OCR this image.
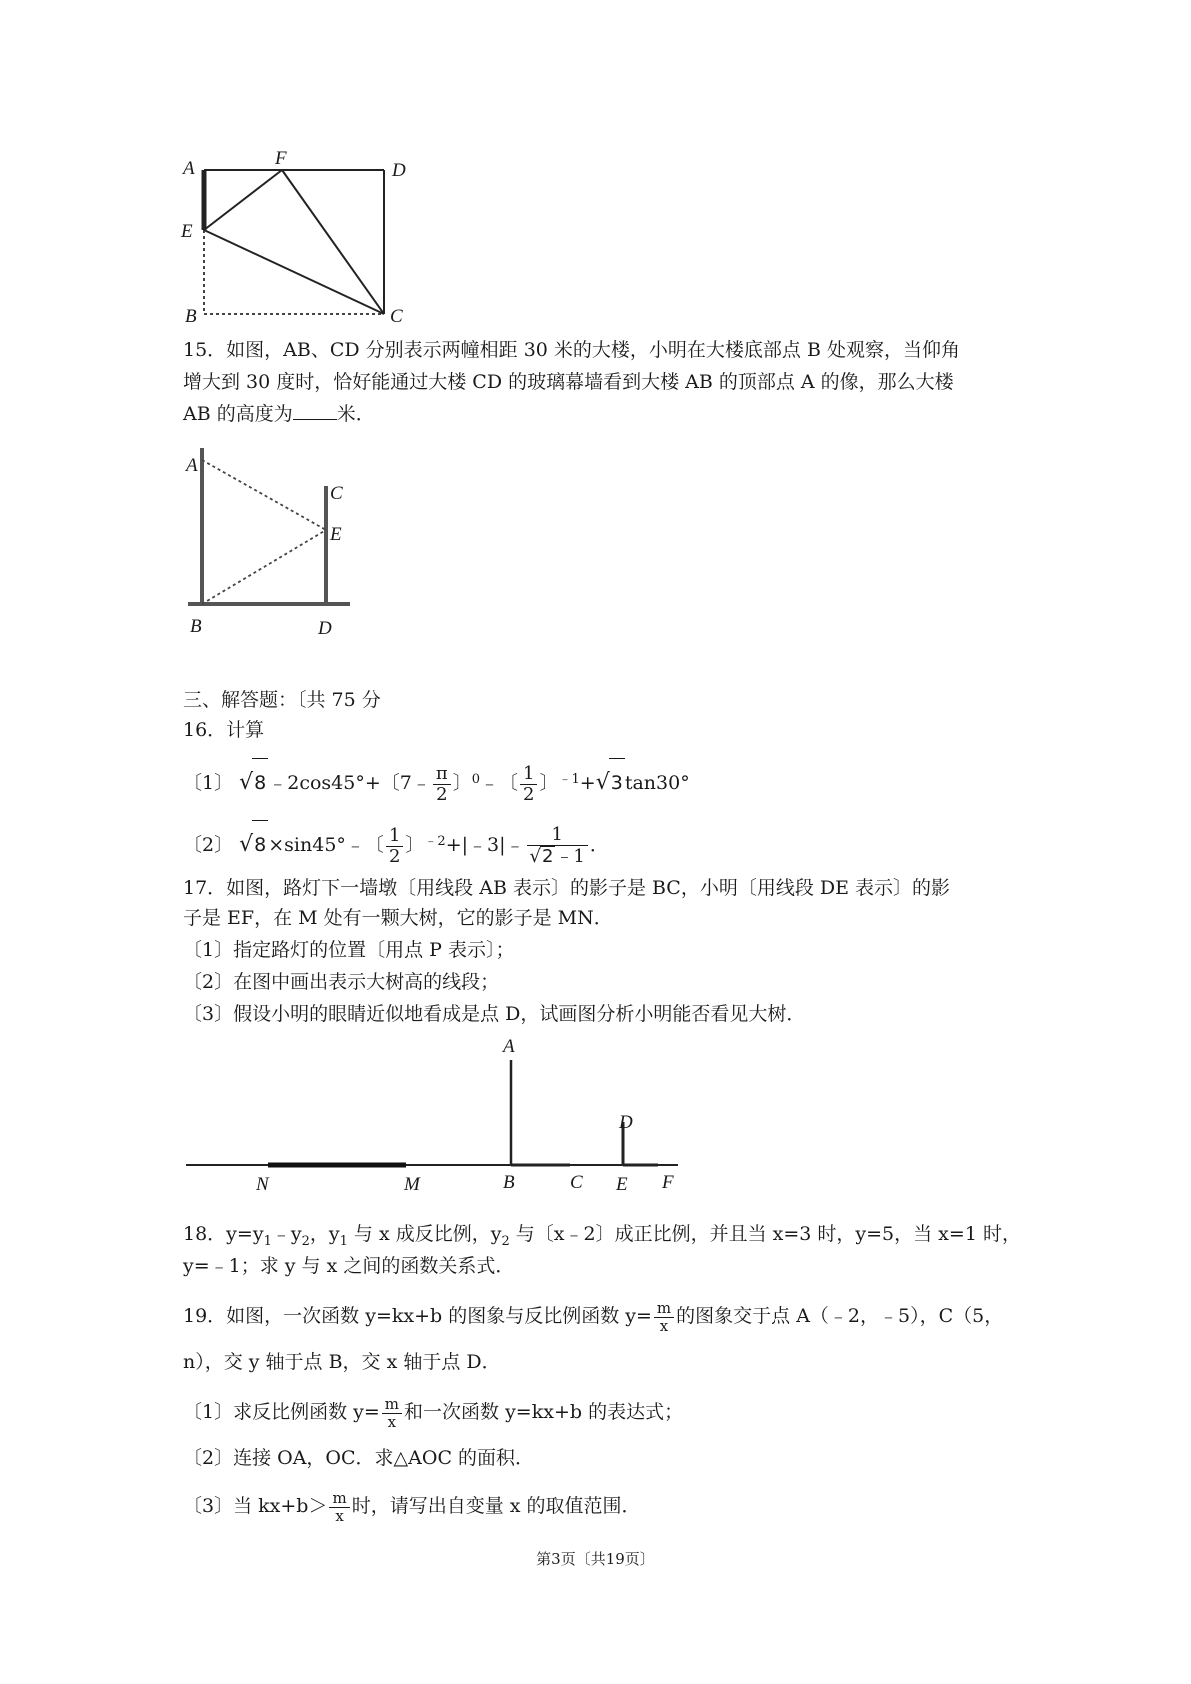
A	F
D
E
B	C
15．如图，AB、CD 分别表示两幢相距 30 米的大楼，小明在大楼底部点 B 处观察，当仰角
增大到 30 度时，恰好能通过大楼 CD 的玻璃幕墙看到大楼 AB 的顶部点 A 的像，那么大楼
AB 的高度为 米．
A
C
E
B	D
三、解答题：〔共 75 分
16．计算
〔1〕 √8 ﹣2cos45°+〔7﹣ $\frac{\pi}{2}$ 〕$^0$﹣〔 $\frac{1}{2}$ 〕$^{﹣1}$+√3 tan30°
〔2〕 √8 ×sin45°﹣〔 $\frac{1}{2}$ 〕$^{﹣2}$+|﹣3|﹣ $\frac{1}{√2 ﹣1}$ ．
17．如图，路灯下一墙墩〔用线段 AB 表示〕的影子是 BC，小明〔用线段 DE 表示〕的影
子是 EF，在 M 处有一颗大树，它的影子是 MN．
〔1〕指定路灯的位置〔用点 P 表示〕；
〔2〕在图中画出表示大树高的线段；
〔3〕假设小明的眼睛近似地看成是点 D，试画图分析小明能否看见大树．
A
D
N	M	B	C E F
18．$y=y_1﹣y_2$，$y_1$ 与 x 成反比例，$y_2$ 与〔x﹣2〕成正比例，并且当 x=3 时，y=5，当 x=1 时，
y=﹣1；求 y 与 x 之间的函数关系式．
19．如图，一次函数 y=kx+b 的图象与反比例函数 $y= \frac{m}{x}$ 的图象交于点 A（﹣2，﹣5），C（5，
n），交 y 轴于点 B，交 x 轴于点 D．
〔1〕求反比例函数 $y= \frac{m}{x}$ 和一次函数 y=kx+b 的表达式；
〔2〕连接 OA，OC．求△AOC 的面积．
〔3〕当 $kx+b> \frac{m}{x}$ 时，请写出自变量 x 的取值范围．
第3页〔共19页〕
